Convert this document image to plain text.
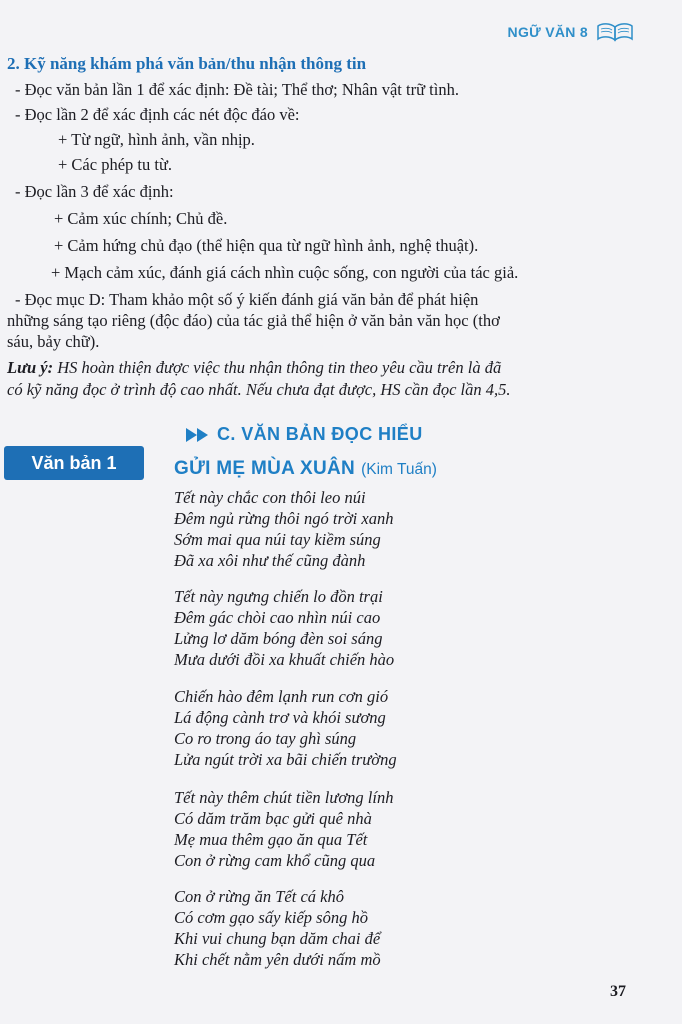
NGỮ VĂN 8
2. Kỹ năng khám phá văn bản/thu nhận thông tin
- Đọc văn bản lần 1 để xác định: Đề tài; Thể thơ; Nhân vật trữ tình.
- Đọc lần 2 để xác định các nét độc đáo về:
+ Từ ngữ, hình ảnh, vần nhịp.
+ Các phép tu từ.
- Đọc lần 3 để xác định:
+ Cảm xúc chính; Chủ đề.
+ Cảm hứng chủ đạo (thể hiện qua từ ngữ hình ảnh, nghệ thuật).
+ Mạch cảm xúc, đánh giá cách nhìn cuộc sống, con người của tác giả.
- Đọc mục D: Tham khảo một số ý kiến đánh giá văn bản để phát hiện
những sáng tạo riêng (độc đáo) của tác giả thể hiện ở văn bản văn học (thơ
sáu, bảy chữ).
Lưu ý: HS hoàn thiện được việc thu nhận thông tin theo yêu cầu trên là đã
có kỹ năng đọc ở trình độ cao nhất. Nếu chưa đạt được, HS cần đọc lần 4,5.
C. VĂN BẢN ĐỌC HIỂU
Văn bản 1	GỬI MẸ MÙA XUÂN (Kim Tuấn)
Tết này chắc con thôi leo núi
Đêm ngủ rừng thôi ngó trời xanh
Sớm mai qua núi tay kiềm súng
Đã xa xôi như thế cũng đành
Tết này ngưng chiến lo đồn trại
Đêm gác chòi cao nhìn núi cao
Lửng lơ dăm bóng đèn soi sáng
Mưa dưới đồi xa khuất chiến hào
Chiến hào đêm lạnh run cơn gió
Lá động cành trơ và khói sương
Co ro trong áo tay ghì súng
Lửa ngút trời xa bãi chiến trường
Tết này thêm chút tiền lương lính
Có dăm trăm bạc gửi quê nhà
Mẹ mua thêm gạo ăn qua Tết
Con ở rừng cam khổ cũng qua
Con ở rừng ăn Tết cá khô
Có cơm gạo sấy kiếp sông hồ
Khi vui chung bạn dăm chai để
Khi chết nằm yên dưới nấm mồ
37
